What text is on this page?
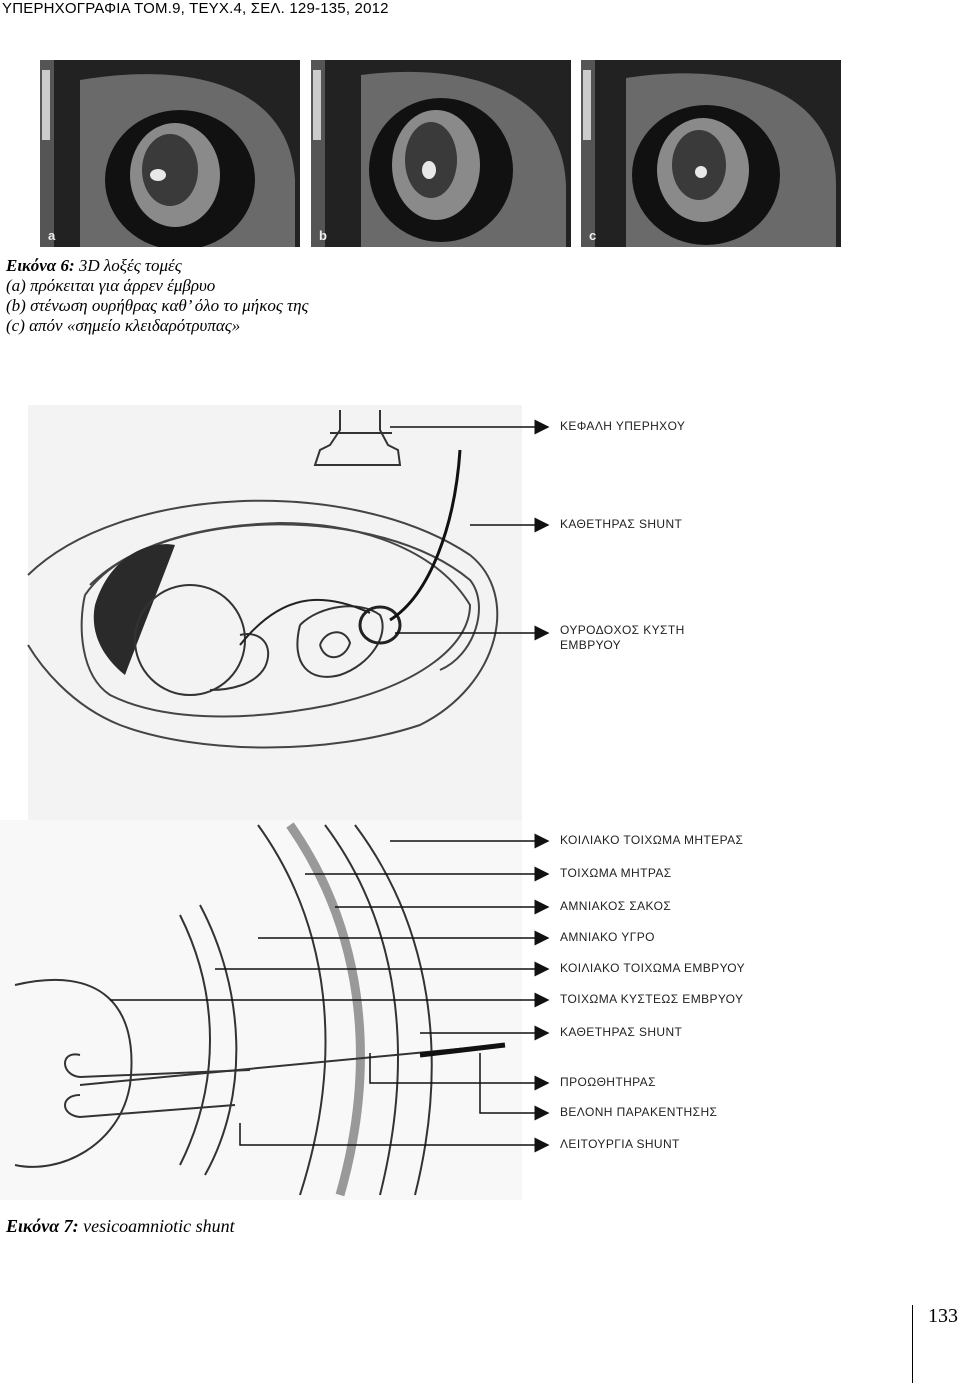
ΥΠΕΡΗΧΟΓΡΑΦΙΑ ΤΟΜ.9, ΤΕΥΧ.4, ΣΕΛ. 129-135, 2012
a	b	c
Εικόνα 6: 3D λοξές τομές
(a) πρόκειται για άρρεν έμβρυο
(b) στένωση ουρήθρας καθ’ όλο το μήκος της
(c) απόν «σημείο κλειδαρότρυπας»
ΚΕΦΑΛΗ ΥΠΕΡΗΧΟΥ
ΚΑΘΕΤΗΡΑΣ SHUNT
ΟΥΡΟΔΟΧΟΣ ΚΥΣΤΗ
ΕΜΒΡΥΟΥ
ΚΟΙΛΙΑΚΟ ΤΟΙΧΩΜΑ ΜΗΤΕΡΑΣ
ΤΟΙΧΩΜΑ ΜΗΤΡΑΣ
ΑΜΝΙΑΚΟΣ ΣΑΚΟΣ
ΑΜΝΙΑΚΟ ΥΓΡΟ
ΚΟΙΛΙΑΚΟ ΤΟΙΧΩΜΑ ΕΜΒΡΥΟΥ
ΤΟΙΧΩΜΑ ΚΥΣΤΕΩΣ ΕΜΒΡΥΟΥ
ΚΑΘΕΤΗΡΑΣ SHUNT
ΠΡΟΩΘΗΤΗΡΑΣ
ΒΕΛΟΝΗ ΠΑΡΑΚΕΝΤΗΣΗΣ
ΛΕΙΤΟΥΡΓΙΑ SHUNT
Εικόνα 7: vesicoamniotic shunt
133
